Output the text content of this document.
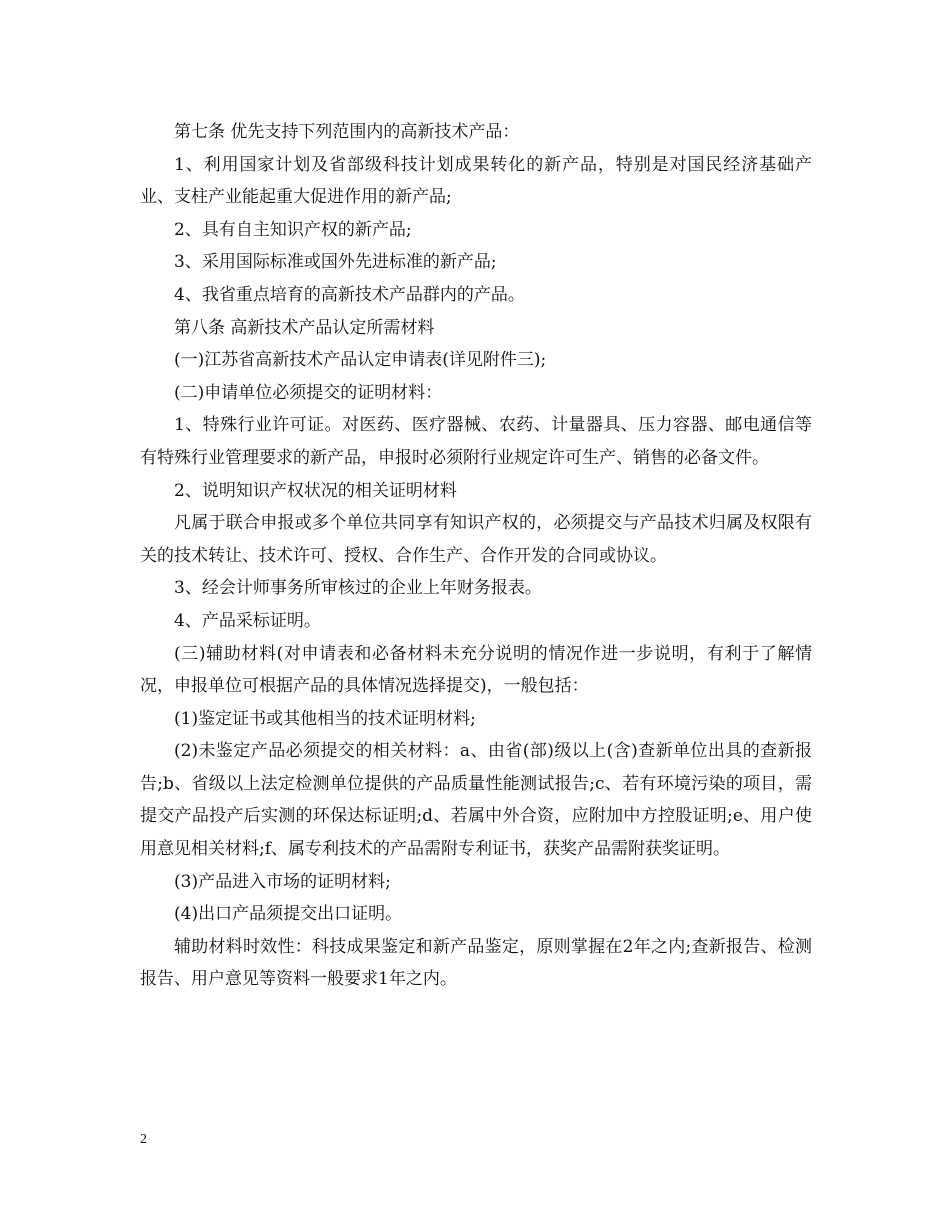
第七条 优先支持下列范围内的高新技术产品：

1、利用国家计划及省部级科技计划成果转化的新产品，特别是对国民经济基础产业、支柱产业能起重大促进作用的新产品;

2、具有自主知识产权的新产品;

3、采用国际标准或国外先进标准的新产品;

4、我省重点培育的高新技术产品群内的产品。

第八条 高新技术产品认定所需材料

(一)江苏省高新技术产品认定申请表(详见附件三);

(二)申请单位必须提交的证明材料：

1、特殊行业许可证。对医药、医疗器械、农药、计量器具、压力容器、邮电通信等有特殊行业管理要求的新产品，申报时必须附行业规定许可生产、销售的必备文件。

2、说明知识产权状况的相关证明材料

凡属于联合申报或多个单位共同享有知识产权的，必须提交与产品技术归属及权限有关的技术转让、技术许可、授权、合作生产、合作开发的合同或协议。

3、经会计师事务所审核过的企业上年财务报表。

4、产品采标证明。

(三)辅助材料(对申请表和必备材料未充分说明的情况作进一步说明，有利于了解情况，申报单位可根据产品的具体情况选择提交)，一般包括：

(1)鉴定证书或其他相当的技术证明材料;

(2)未鉴定产品必须提交的相关材料：a、由省(部)级以上(含)查新单位出具的查新报告;b、省级以上法定检测单位提供的产品质量性能测试报告;c、若有环境污染的项目，需提交产品投产后实测的环保达标证明;d、若属中外合资，应附加中方控股证明;e、用户使用意见相关材料;f、属专利技术的产品需附专利证书，获奖产品需附获奖证明。

(3)产品进入市场的证明材料;

(4)出口产品须提交出口证明。

辅助材料时效性：科技成果鉴定和新产品鉴定，原则掌握在2年之内;查新报告、检测报告、用户意见等资料一般要求1年之内。

2
